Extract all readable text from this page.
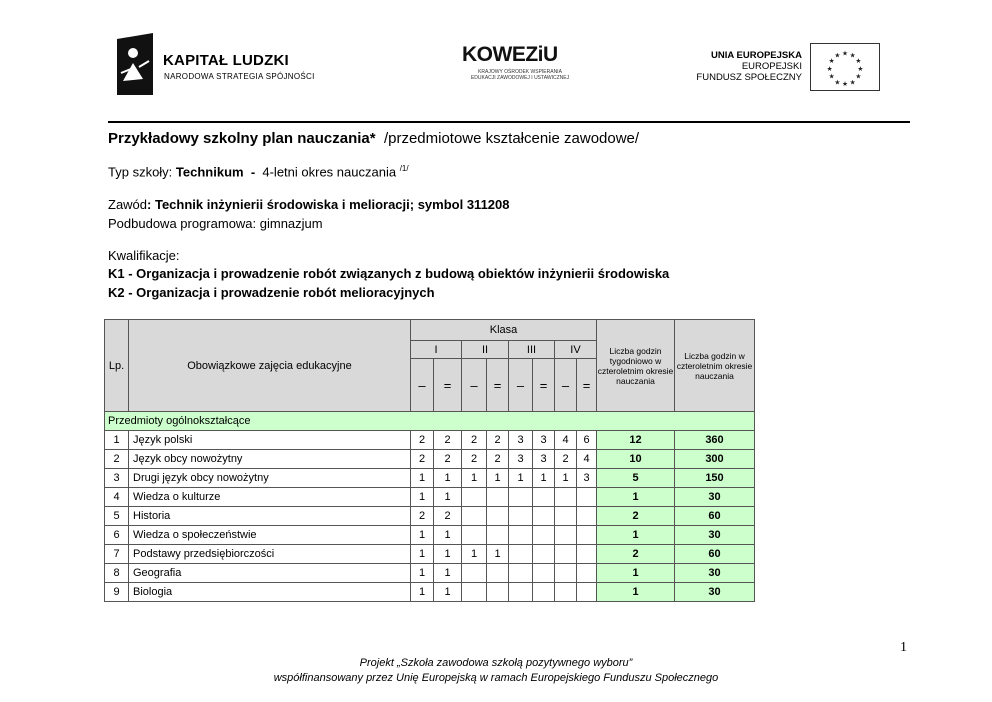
KAPITAŁ LUDZKI
NARODOWA STRATEGIA SPÓJNOŚCI
KOWEZiU
KRAJOWY OŚRODEK WSPIERANIA EDUKACJI ZAWODOWEJ I USTAWICZNEJ
UNIA EUROPEJSKA
EUROPEJSKI
FUNDUSZ SPOŁECZNY
★ ★
★
★
★
★
★
★
★
★
★
★
Przykładowy szkolny plan nauczania* /przedmiotowe kształcenie zawodowe/
Typ szkoły: Technikum  -  4-letni okres nauczania $^{/1/}$
Zawód: Technik inżynierii środowiska i melioracji; symbol 311208
Podbudowa programowa: gimnazjum
Kwalifikacje:
K1 - Organizacja i prowadzenie robót związanych z budową obiektów inżynierii środowiska
K2 - Organizacja i prowadzenie robót melioracyjnych
Lp.	Obowiązkowe zajęcia edukacyjne	Klasa								Liczba godzin tygodniowo w czteroletnim okresie nauczania	Liczba godzin w czteroletnim okresie nauczania
		I		II		III		IV			
		–	=	–	=	–	=	–	=		
Przedmioty ogólnokształcące											
1	Język polski	2	2	2	2	3	3	4	6	12	360
2	Język obcy nowożytny	2	2	2	2	3	3	2	4	10	300
3	Drugi język obcy nowożytny	1	1	1	1	1	1	1	3	5	150
4	Wiedza o kulturze	1	1							1	30
5	Historia	2	2							2	60
6	Wiedza o społeczeństwie	1	1							1	30
7	Podstawy przedsiębiorczości	1	1	1	1					2	60
8	Geografia	1	1							1	30
9	Biologia	1	1							1	30
1
Projekt „Szkoła zawodowa szkołą pozytywnego wyboru”
współfinansowany przez Unię Europejską w ramach Europejskiego Funduszu Społecznego
